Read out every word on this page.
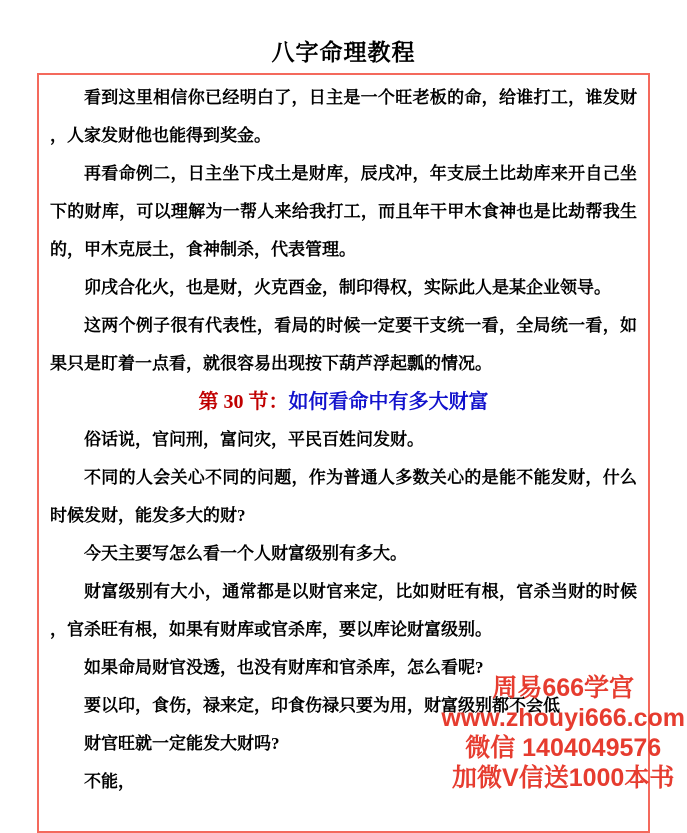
八字命理教程

看到这里相信你已经明白了，日主是一个旺老板的命，给谁打工，谁发财，人家发财他也能得到奖金。

再看命例二，日主坐下戌土是财库，辰戌冲，年支辰土比劫库来开自己坐下的财库，可以理解为一帮人来给我打工，而且年干甲木食神也是比劫帮我生的，甲木克辰土，食神制杀，代表管理。

卯戌合化火，也是财，火克酉金，制印得权，实际此人是某企业领导。

这两个例子很有代表性，看局的时候一定要干支统一看，全局统一看，如果只是盯着一点看，就很容易出现按下葫芦浮起瓢的情况。

第 30 节：如何看命中有多大财富

俗话说，官问刑，富问灾，平民百姓问发财。

不同的人会关心不同的问题，作为普通人多数关心的是能不能发财，什么时候发财，能发多大的财?

今天主要写怎么看一个人财富级别有多大。

财富级别有大小，通常都是以财官来定，比如财旺有根，官杀当财的时候，官杀旺有根，如果有财库或官杀库，要以库论财富级别。

如果命局财官没透，也没有财库和官杀库，怎么看呢?

要以印，食伤，禄来定，印食伤禄只要为用，财富级别都不会低

财官旺就一定能发大财吗?

不能，

周易666学宫
www.zhouyi666.com
微信 1404049576
加微V信送1000本书
